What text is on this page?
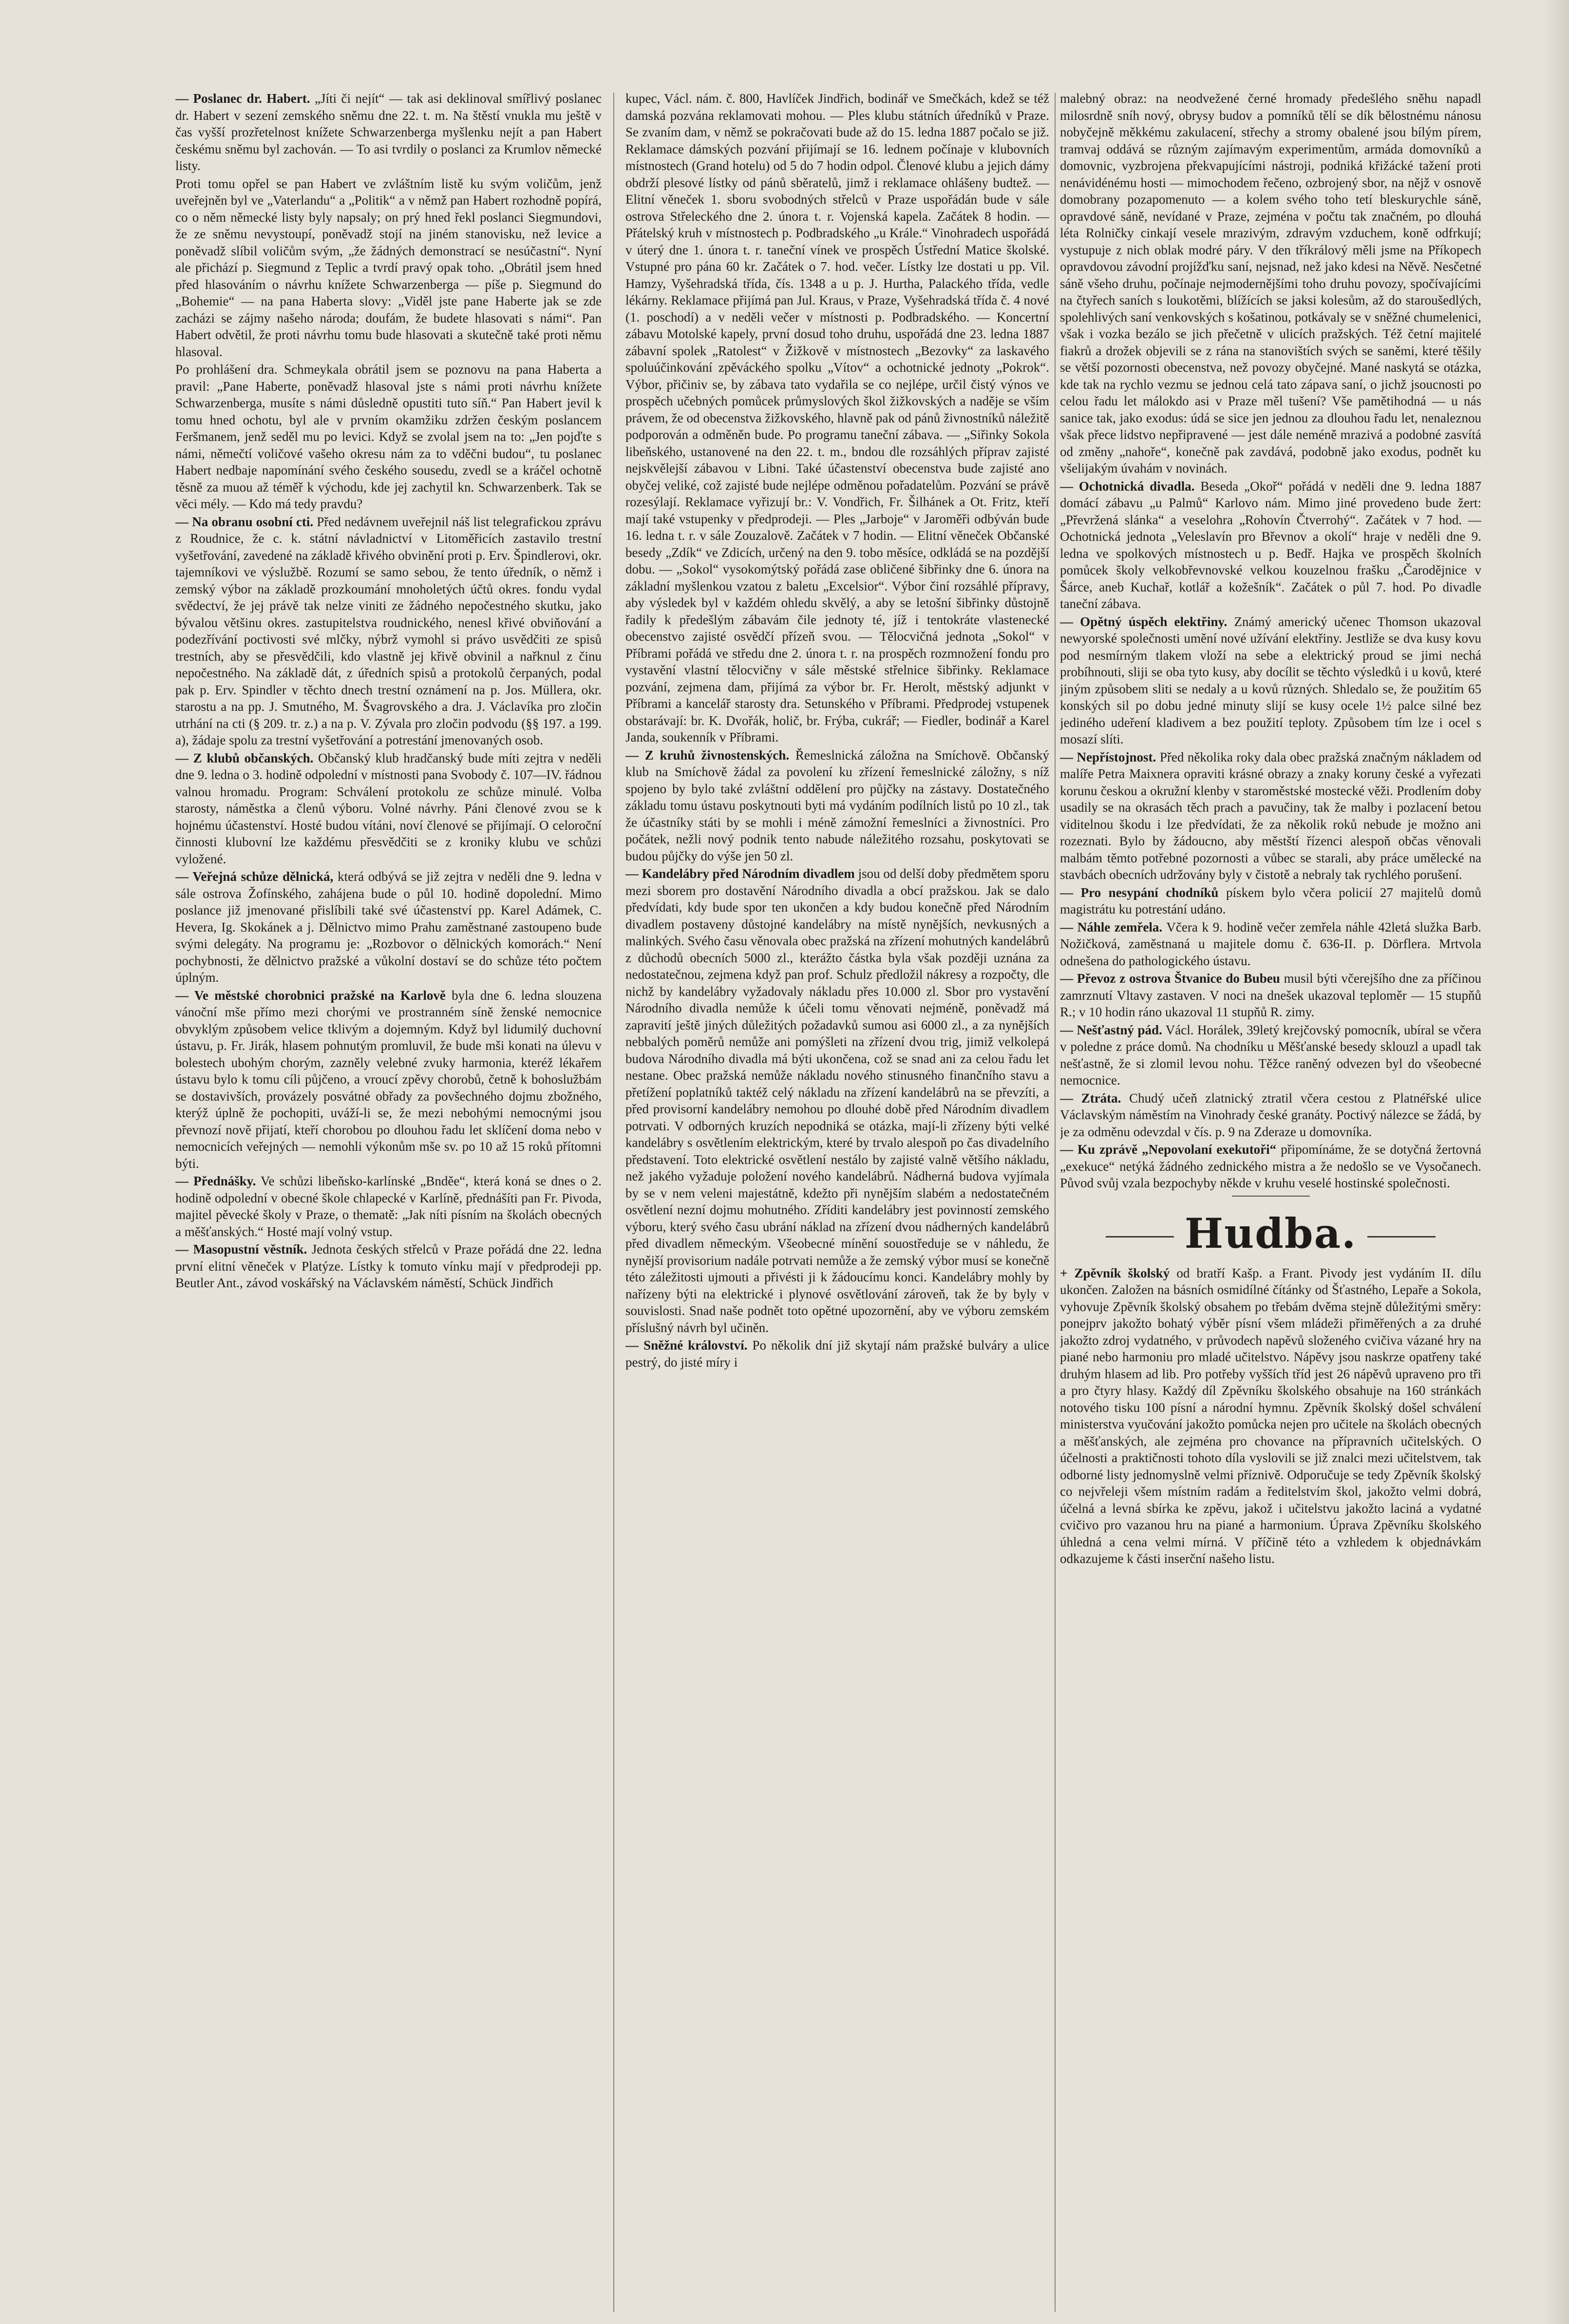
— Poslanec dr. Habert. „Jíti či nejít“ — tak asi deklinoval smířlivý poslanec dr. Habert v sezení zemského sněmu dne 22. t. m. Na štěstí vnukla mu ještě v čas vyšší prozřetelnost knížete Schwarzenberga myšlenku nejít a pan Habert českému sněmu byl zachován. — To asi tvrdily o poslanci za Krumlov německé listy.

Proti tomu opřel se pan Habert ve zvláštním listě ku svým voličům, jenž uveřejněn byl ve „Vaterlandu“ a „Politik“ a v němž pan Habert rozhodně popírá, co o něm německé listy byly napsaly; on prý hned řekl poslanci Siegmundovi, že ze sněmu nevystoupí, poněvadž stojí na jiném stanovisku, než levice a poněvadž slíbil voličům svým, „že žádných demonstrací se nesúčastní“. Nyní ale přichází p. Siegmund z Teplic a tvrdí pravý opak toho. „Obrátil jsem hned před hlasováním o návrhu knížete Schwarzenberga — píše p. Siegmund do „Bohemie“ — na pana Haberta slovy: „Viděl jste pane Haberte jak se zde zacházi se zájmy našeho národa; doufám, že budete hlasovati s námi“. Pan Habert odvětil, že proti návrhu tomu bude hlasovati a skutečně také proti němu hlasoval.

Po prohlášení dra. Schmeykala obrátil jsem se poznovu na pana Haberta a pravil: „Pane Haberte, poněvadž hlasoval jste s námi proti návrhu knížete Schwarzenberga, musíte s námi důsledně opustiti tuto síň.“ Pan Habert jevil k tomu hned ochotu, byl ale v prvním okamžiku zdržen českým poslancem Feršmanem, jenž seděl mu po levici. Když se zvolal jsem na to: „Jen pojďte s námi, němečtí voličové vašeho okresu nám za to vděčni budou“, tu poslanec Habert nedbaje napomínání svého českého sousedu, zvedl se a kráčel ochotně těsně za muou až téměř k východu, kde jej zachytil kn. Schwarzenberk. Tak se věci mély. — Kdo má tedy pravdu?

— Na obranu osobní cti. Před nedávnem uveřejnil náš list telegrafickou zprávu z Roudnice, že c. k. státní návladnictví v Litoměřicích zastavilo trestní vyšetřování, zavedené na základě křivého obvinění proti p. Erv. Špindlerovi, okr. tajemníkovi ve výslužbě. Rozumí se samo sebou, že tento úředník, o němž i zemský výbor na základě prozkoumání mnoholetých účtů okres. fondu vydal svědectví, že jej právě tak nelze viniti ze žádného nepočestného skutku, jako bývalou většinu okres. zastupitelstva roudnického, nenesl křivé obviňování a podezřívání poctivosti své mlčky, nýbrž vymohl si právo usvědčiti ze spisů trestních, aby se přesvědčili, kdo vlastně jej křivě obvinil a nařknul z činu nepočestného. Na základě dát, z úředních spisů a protokolů čerpaných, podal pak p. Erv. Spindler v těchto dnech trestní oznámení na p. Jos. Müllera, okr. starostu a na pp. J. Smutného, M. Švagrovského a dra. J. Václavíka pro zločin utrhání na cti (§ 209. tr. z.) a na p. V. Zývala pro zločin podvodu (§§ 197. a 199. a), žádaje spolu za trestní vyšetřování a potrestání jmenovaných osob.

— Z klubů občanských. Občanský klub hradčanský bude míti zejtra v neděli dne 9. ledna o 3. hodině odpolední v místnosti pana Svobody č. 107—IV. řádnou valnou hromadu. Program: Schválení protokolu ze schůze minulé. Volba starosty, náměstka a členů výboru. Volné návrhy. Páni členové zvou se k hojnému účastenství. Hosté budou vítáni, noví členové se přijímají. O celoroční činnosti klubovní lze každému přesvědčiti se z kroniky klubu ve schůzi vyložené.

— Veřejná schůze dělnická, která odbývá se již zejtra v neděli dne 9. ledna v sále ostrova Žofínského, zahájena bude o půl 10. hodině dopolední. Mimo poslance již jmenované přislíbili také své účastenství pp. Karel Adámek, C. Hevera, Ig. Skokánek a j. Dělnictvo mimo Prahu zaměstnané zastoupeno bude svými delegáty. Na programu je: „Rozbovor o dělnických komorách.“ Není pochybnosti, že dělnictvo pražské a vůkolní dostaví se do schůze této počtem úplným.

— Ve městské chorobnici pražské na Karlově byla dne 6. ledna slouzena vánoční mše přímo mezi chorými ve prostranném síně ženské nemocnice obvyklým způsobem velice tklivým a dojemným. Když byl lidumilý duchovní ústavu, p. Fr. Jirák, hlasem pohnutým promluvil, že bude mši konati na úlevu v bolestech ubohým chorým, zazněly velebné zvuky harmonia, kteréž lékařem ústavu bylo k tomu cíli půjčeno, a vroucí zpěvy chorobů, četně k bohoslužbám se dostavivších, provázely posvátné obřady za povšechného dojmu zbožného, kterýž úplně že pochopiti, uváží-li se, že mezi nebohými nemocnými jsou převnozí nově přijatí, kteří chorobou po dlouhou řadu let sklíčení doma nebo v nemocnicích veřejných — nemohli výkonům mše sv. po 10 až 15 roků přítomni býti.

— Přednášky. Ve schůzi libeňsko-karlínské „Bnděe“, která koná se dnes o 2. hodině odpolední v obecné škole chlapecké v Karlíně, přednášíti pan Fr. Pivoda, majitel pěvecké školy v Praze, o thematě: „Jak níti písním na školách obecných a měšťanských.“ Hosté mají volný vstup.

— Masopustní věstník. Jednota českých střelců v Praze pořádá dne 22. ledna první elitní věneček v Platýze. Lístky k tomuto vínku mají v předprodeji pp. Beutler Ant., závod voskářský na Václavském náměstí, Schück Jindřich

kupec, Václ. nám. č. 800, Havlíček Jindřich, bodinář ve Smečkách, kdež se též damská pozvána reklamovati mohou. — Ples klubu státních úředníků v Praze. Se zvaním dam, v němž se pokračovati bude až do 15. ledna 1887 počalo se již. Reklamace dámských pozvání přijímají se 16. lednem počínaje v klubovních místnostech (Grand hotelu) od 5 do 7 hodin odpol. Členové klubu a jejich dámy obdrží plesové lístky od pánů sběratelů, jimž i reklamace ohlášeny budtež. — Elitní věneček 1. sboru svobodných střelců v Praze uspořádán bude v sále ostrova Střeleckého dne 2. února t. r. Vojenská kapela. Začátek 8 hodin. — Přátelský kruh v místnostech p. Podbradského „u Krále.“ Vinohradech uspořádá v úterý dne 1. února t. r. taneční vínek ve prospěch Ústřední Matice školské. Vstupné pro pána 60 kr. Začátek o 7. hod. večer. Lístky lze dostati u pp. Vil. Hamzy, Vyšehradská třída, čís. 1348 a u p. J. Hurtha, Palackého třída, vedle lékárny. Reklamace přijímá pan Jul. Kraus, v Praze, Vyšehradská třída č. 4 nové (1. poschodí) a v neděli večer v místnosti p. Podbradského. — Koncertní zábavu Motolské kapely, první dosud toho druhu, uspořádá dne 23. ledna 1887 zábavní spolek „Ratolest“ v Žižkově v místnostech „Bezovky“ za laskavého spoluúčinkování zpěváckého spolku „Vítov“ a ochotnické jednoty „Pokrok“. Výbor, přičiniv se, by zábava tato vydařila se co nejlépe, určil čistý výnos ve prospěch učebných pomůcek průmyslových škol žižkovských a naděje se vším právem, že od obecenstva žižkovského, hlavně pak od pánů živnostníků náležitě podporován a odměněn bude. Po programu taneční zábava. — „Siřinky Sokola libeňského, ustanovené na den 22. t. m., bndou dle rozsáhlých příprav zajisté nejskvělejší zábavou v Libni. Také účastenství obecenstva bude zajisté ano obyčej veliké, což zajisté bude nejlépe odměnou pořadatelům. Pozvání se právě rozesýlají. Reklamace vyřizují br.: V. Vondřich, Fr. Šilhánek a Ot. Fritz, kteří mají také vstupenky v předprodeji. — Ples „Jarboje“ v Jaroměři odbýván bude 16. ledna t. r. v sále Zouzalově. Začátek v 7 hodin. — Elitní věneček Občanské besedy „Zdík“ ve Zdicích, určený na den 9. tobo měsíce, odkládá se na pozdější dobu. — „Sokol“ vysokomýtský pořádá zase obličené šibřinky dne 6. února na základní myšlenkou vzatou z baletu „Excelsior“. Výbor činí rozsáhlé přípravy, aby výsledek byl v každém ohledu skvělý, a aby se letošní šibřinky důstojně řadily k předešlým zábavám čile jednoty té, jíž i tentokráte vlastenecké obecenstvo zajisté osvědčí přízeň svou. — Tělocvičná jednota „Sokol“ v Příbrami pořádá ve středu dne 2. února t. r. na prospěch rozmnožení fondu pro vystavění vlastní tělocvičny v sále městské střelnice šibřinky. Reklamace pozvání, zejmena dam, přijímá za výbor br. Fr. Herolt, městský adjunkt v Příbrami a kancelář starosty dra. Setunského v Příbrami. Předprodej vstupenek obstarávají: br. K. Dvořák, holič, br. Frýba, cukrář; — Fiedler, bodinář a Karel Janda, soukenník v Příbrami.

— Z kruhů živnostenských. Řemeslnická záložna na Smíchově. Občanský klub na Smíchově žádal za povolení ku zřízení řemeslnické záložny, s níž spojeno by bylo také zvláštní oddělení pro půjčky na zástavy. Dostatečného základu tomu ústavu poskytnouti byti má vydáním podílních listů po 10 zl., tak že účastníky státi by se mohli i méně zámožní řemeslníci a živnostníci. Pro počátek, nežli nový podnik tento nabude náležitého rozsahu, poskytovati se budou půjčky do výše jen 50 zl.

— Kandelábry před Národním divadlem jsou od delší doby předmětem sporu mezi sborem pro dostavění Národního divadla a obcí pražskou. Jak se dalo předvídati, kdy bude spor ten ukončen a kdy budou konečně před Národním divadlem postaveny důstojné kandelábry na místě nynějších, nevkusných a malinkých. Svého času věnovala obec pražská na zřízení mohutných kandelábrů z důchodů obecních 5000 zl., kterážto částka byla však později uznána za nedostatečnou, zejmena když pan prof. Schulz předložil nákresy a rozpočty, dle nichž by kandelábry vyžadovaly nákladu přes 10.000 zl. Sbor pro vystavění Národního divadla nemůže k účeli tomu věnovati nejméně, poněvadž má zapravití ještě jiných důležitých požadavků sumou asi 6000 zl., a za nynějších nebbalých poměrů nemůže ani pomýšleti na zřízení dvou trig, jimiž velkolepá budova Národního divadla má býti ukončena, což se snad ani za celou řadu let nestane. Obec pražská nemůže nákladu nového stinusného finančního stavu a přetížení poplatníků taktéž celý nákladu na zřízení kandelábrů na se převzíti, a před provisorní kandelábry nemohou po dlouhé době před Národním divadlem potrvati. V odborných kruzích nepodniká se otázka, mají-li zřízeny býti velké kandelábry s osvětlením elektrickým, které by trvalo alespoň po čas divadelního představení. Toto elektrické osvětlení nestálo by zajisté valně většího nákladu, než jakého vyžaduje položení nového kandelábrů. Nádherná budova vyjímala by se v nem veleni majestátně, kdežto při nynějším slabém a nedostatečném osvětlení nezní dojmu mohutného. Zříditi kandelábry jest povinností zemského výboru, který svého času ubrání náklad na zřízení dvou nádherných kandelábrů před divadlem německým. Všeobecné mínění souostředuje se v náhledu, že nynější provisorium nadále potrvati nemůže a že zemský výbor musí se konečně této záležitosti ujmouti a přivésti ji k žádoucímu konci. Kandelábry mohly by nařízeny býti na elektrické i plynové osvětlování zároveň, tak že by byly v souvislosti. Snad naše podnět toto opětné upozornění, aby ve výboru zemském příslušný návrh byl učiněn.

— Sněžné království. Po několik dní již skytají nám pražské bulváry a ulice pestrý, do jisté míry i

malebný obraz: na neodvežené černé hromady předešlého sněhu napadl milosrdně sníh nový, obrysy budov a pomníků tělí se dík bělostnému nánosu nobyčejně měkkému zakulacení, střechy a stromy obalené jsou bílým pírem, tramvaj oddává se různým zajímavým experimentům, armáda domovníků a domovnic, vyzbrojena překvapujícími nástroji, podniká křižácké tažení proti nenávidénému hosti — mimochodem řečeno, ozbrojený sbor, na nějž v osnově domobrany pozapomenuto — a kolem svého toho tetí bleskurychle sáně, opravdové sáně, nevídané v Praze, zejména v počtu tak značném, po dlouhá léta Rolničky cinkají vesele mrazivým, zdravým vzduchem, koně odfrkují; vystupuje z nich oblak modré páry. V den tříkrálový měli jsme na Příkopech opravdovou závodní projížďku saní, nejsnad, než jako kdesi na Něvě. Nesčetné sáně všeho druhu, počínaje nejmodernějšími toho druhu povozy, spočívajícími na čtyřech saních s loukotěmi, blížících se jaksi kolesům, až do staroušedlých, spolehlivých saní venkovských s košatinou, potkávaly se v sněžné chumelenici, však i vozka bezálo se jich přečetně v ulicích pražských. Též četní majitelé fiakrů a drožek objevili se z rána na stanovištích svých se saněmi, které těšily se větší pozornosti obecenstva, než povozy obyčejné. Mané naskytá se otázka, kde tak na rychlo vezmu se jednou celá tato zápava saní, o jichž jsoucnosti po celou řadu let málokdo asi v Praze měl tušení? Vše pamětihodná — u nás sanice tak, jako exodus: údá se sice jen jednou za dlouhou řadu let, nenaleznou však přece lidstvo nepřipravené — jest dále neméně mrazivá a podobné zasvítá od změny „nahoře“, konečně pak zavdává, podobně jako exodus, podnět ku všelijakým úvahám v novinách.

— Ochotnická divadla. Beseda „Okoř“ pořádá v neděli dne 9. ledna 1887 domácí zábavu „u Palmů“ Karlovo nám. Mimo jiné provedeno bude žert: „Převržená slánka“ a veselohra „Rohovín Čtverrohý“. Začátek v 7 hod. — Ochotnická jednota „Veleslavín pro Břevnov a okolí“ hraje v neděli dne 9. ledna ve spolkových místnostech u p. Bedř. Hajka ve prospěch školních pomůcek školy velkobřevnovské velkou kouzelnou frašku „Čarodějnice v Šárce, aneb Kuchař, kotlář a kožešník“. Začátek o půl 7. hod. Po divadle taneční zábava.

— Opětný úspěch elektřiny. Známý americký učenec Thomson ukazoval newyorské společnosti umění nové užívání elektřiny. Jestliže se dva kusy kovu pod nesmírným tlakem vloží na sebe a elektrický proud se jimi nechá probíhnouti, sliji se oba tyto kusy, aby docílit se těchto výsledků i u kovů, které jiným způsobem sliti se nedaly a u kovů různých. Shledalo se, že použitím 65 konských sil po dobu jedné minuty slijí se kusy ocele 1½ palce silné bez jediného udeření kladivem a bez použití teploty. Způsobem tím lze i ocel s mosazí slíti.

— Nepřístojnost. Před několika roky dala obec pražská značným nákladem od malíře Petra Maixnera opraviti krásné obrazy a znaky koruny české a vyřezati korunu českou a okružní klenby v staroměstské mostecké věži. Prodlením doby usadily se na okrasách těch prach a pavučiny, tak že malby i pozlacení betou viditelnou škodu i lze předvídati, že za několik roků nebude je možno ani rozeznati. Bylo by žádoucno, aby městští řízenci alespoň občas věnovali malbám těmto potřebné pozornosti a vůbec se starali, aby práce umělecké na stavbách obecních udržovány byly v čistotě a nebraly tak rychlého porušení.

— Pro nesypání chodníků pískem bylo včera policií 27 majitelů domů magistrátu ku potrestání udáno.

— Náhle zemřela. Včera k 9. hodině večer zemřela náhle 42letá služka Barb. Nožičková, zaměstnaná u majitele domu č. 636-II. p. Dörflera. Mrtvola odnešena do pathologického ústavu.

— Převoz z ostrova Štvanice do Bubeu musil býti včerejšího dne za příčinou zamrznutí Vltavy zastaven. V noci na dnešek ukazoval teploměr — 15 stupňů R.; v 10 hodin ráno ukazoval 11 stupňů R. zimy.

— Nešťastný pád. Václ. Horálek, 39letý krejčovský pomocník, ubíral se včera v poledne z práce domů. Na chodníku u Měšťanské besedy sklouzl a upadl tak nešťastně, že si zlomil levou nohu. Těžce raněný odvezen byl do všeobecné nemocnice.

— Ztráta. Chudý učeň zlatnický ztratil včera cestou z Platnéřské ulice Václavským náměstím na Vinohrady české granáty. Poctivý nálezce se žádá, by je za odměnu odevzdal v čís. p. 9 na Zderaze u domovníka.

— Ku zprávě „Nepovolaní exekutoři“ připomínáme, že se dotyčná žertovná „exekuce“ netýká žádného zednického mistra a že nedošlo se ve Vysočanech. Původ svůj vzala bezpochyby někde v kruhu veselé hostinské společnosti.

Hudba.

+ Zpěvník školský od bratří Kašp. a Frant. Pivody jest vydáním II. dílu ukončen. Založen na básních osmidílné čítánky od Šťastného, Lepaře a Sokola, vyhovuje Zpěvník školský obsahem po třebám dvěma stejně důležitými směry: ponejprv jakožto bohatý výběr písní všem mládeži přiměřených a za druhé jakožto zdroj vydatného, v průvodech napěvů složeného cvičiva vázané hry na piané nebo harmoniu pro mladé učitelstvo. Nápěvy jsou naskrze opatřeny také druhým hlasem ad lib. Pro potřeby vyšších tříd jest 26 nápěvů upraveno pro tři a pro čtyry hlasy. Každý díl Zpěvníku školského obsahuje na 160 stránkách notového tisku 100 písní a národní hymnu. Zpěvník školský došel schválení ministerstva vyučování jakožto pomůcka nejen pro učitele na školách obecných a měšťanských, ale zejména pro chovance na přípravních učitelských. O účelnosti a praktičnosti tohoto díla vyslovili se již znalci mezi učitelstvem, tak odborné listy jednomyslně velmi příznivě. Odporučuje se tedy Zpěvník školský co nejvřeleji všem místním radám a ředitelstvím škol, jakožto velmi dobrá, účelná a levná sbírka ke zpěvu, jakož i učitelstvu jakožto laciná a vydatné cvičivo pro vazanou hru na piané a harmonium. Úprava Zpěvníku školského úhledná a cena velmi mírná. V příčině této a vzhledem k objednávkám odkazujeme k části inserční našeho listu.
